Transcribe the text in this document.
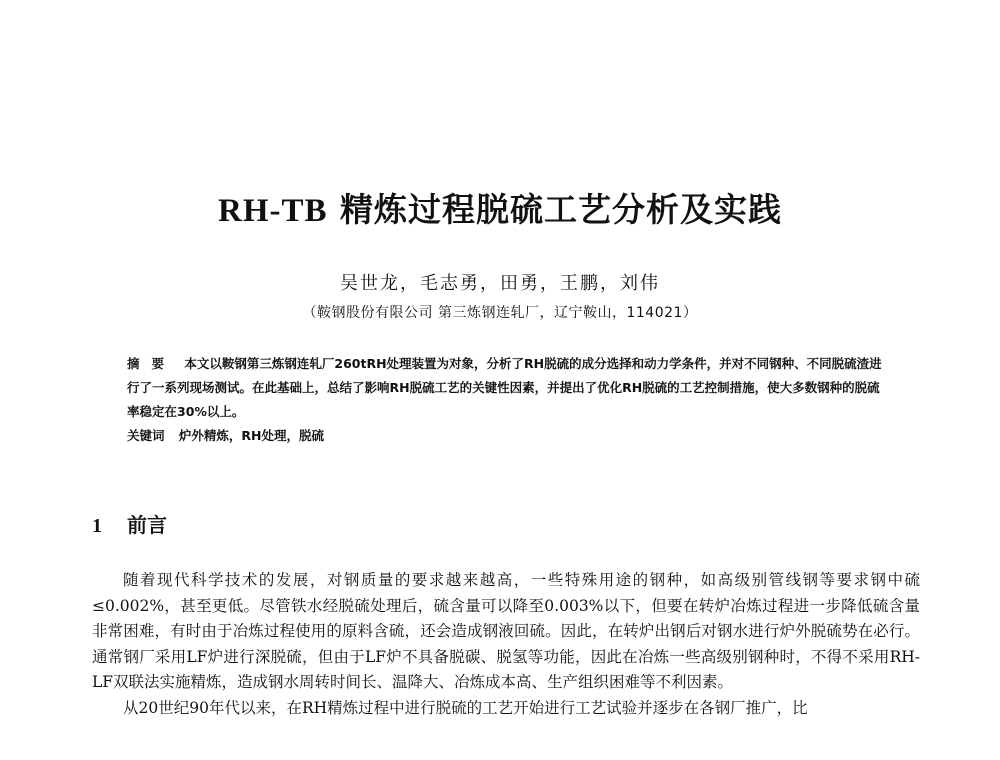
RH-TB 精炼过程脱硫工艺分析及实践
吴世龙，毛志勇，田勇，王鹏，刘伟
（鞍钢股份有限公司 第三炼钢连轧厂，辽宁鞍山，114021）

摘要 本文以鞍钢第三炼钢连轧厂260tRH处理装置为对象，分析了RH脱硫的成分选择和动力学条件，并对不同钢种、不同脱硫渣进行了一系列现场测试。在此基础上，总结了影响RH脱硫工艺的关键性因素，并提出了优化RH脱硫的工艺控制措施，使大多数钢种的脱硫率稳定在30%以上。

关键词 炉外精炼，RH处理，脱硫

1 前言

随着现代科学技术的发展，对钢质量的要求越来越高，一些特殊用途的钢种，如高级别管线钢等要求钢中硫≤0.002%，甚至更低。尽管铁水经脱硫处理后，硫含量可以降至0.003%以下，但要在转炉冶炼过程进一步降低硫含量非常困难，有时由于冶炼过程使用的原料含硫，还会造成钢液回硫。因此，在转炉出钢后对钢水进行炉外脱硫势在必行。通常钢厂采用LF炉进行深脱硫，但由于LF炉不具备脱碳、脱氢等功能，因此在冶炼一些高级别钢种时，不得不采用RH-LF双联法实施精炼，造成钢水周转时间长、温降大、冶炼成本高、生产组织困难等不利因素。

从20世纪90年代以来，在RH精炼过程中进行脱硫的工艺开始进行工艺试验并逐步在各钢厂推广，比
